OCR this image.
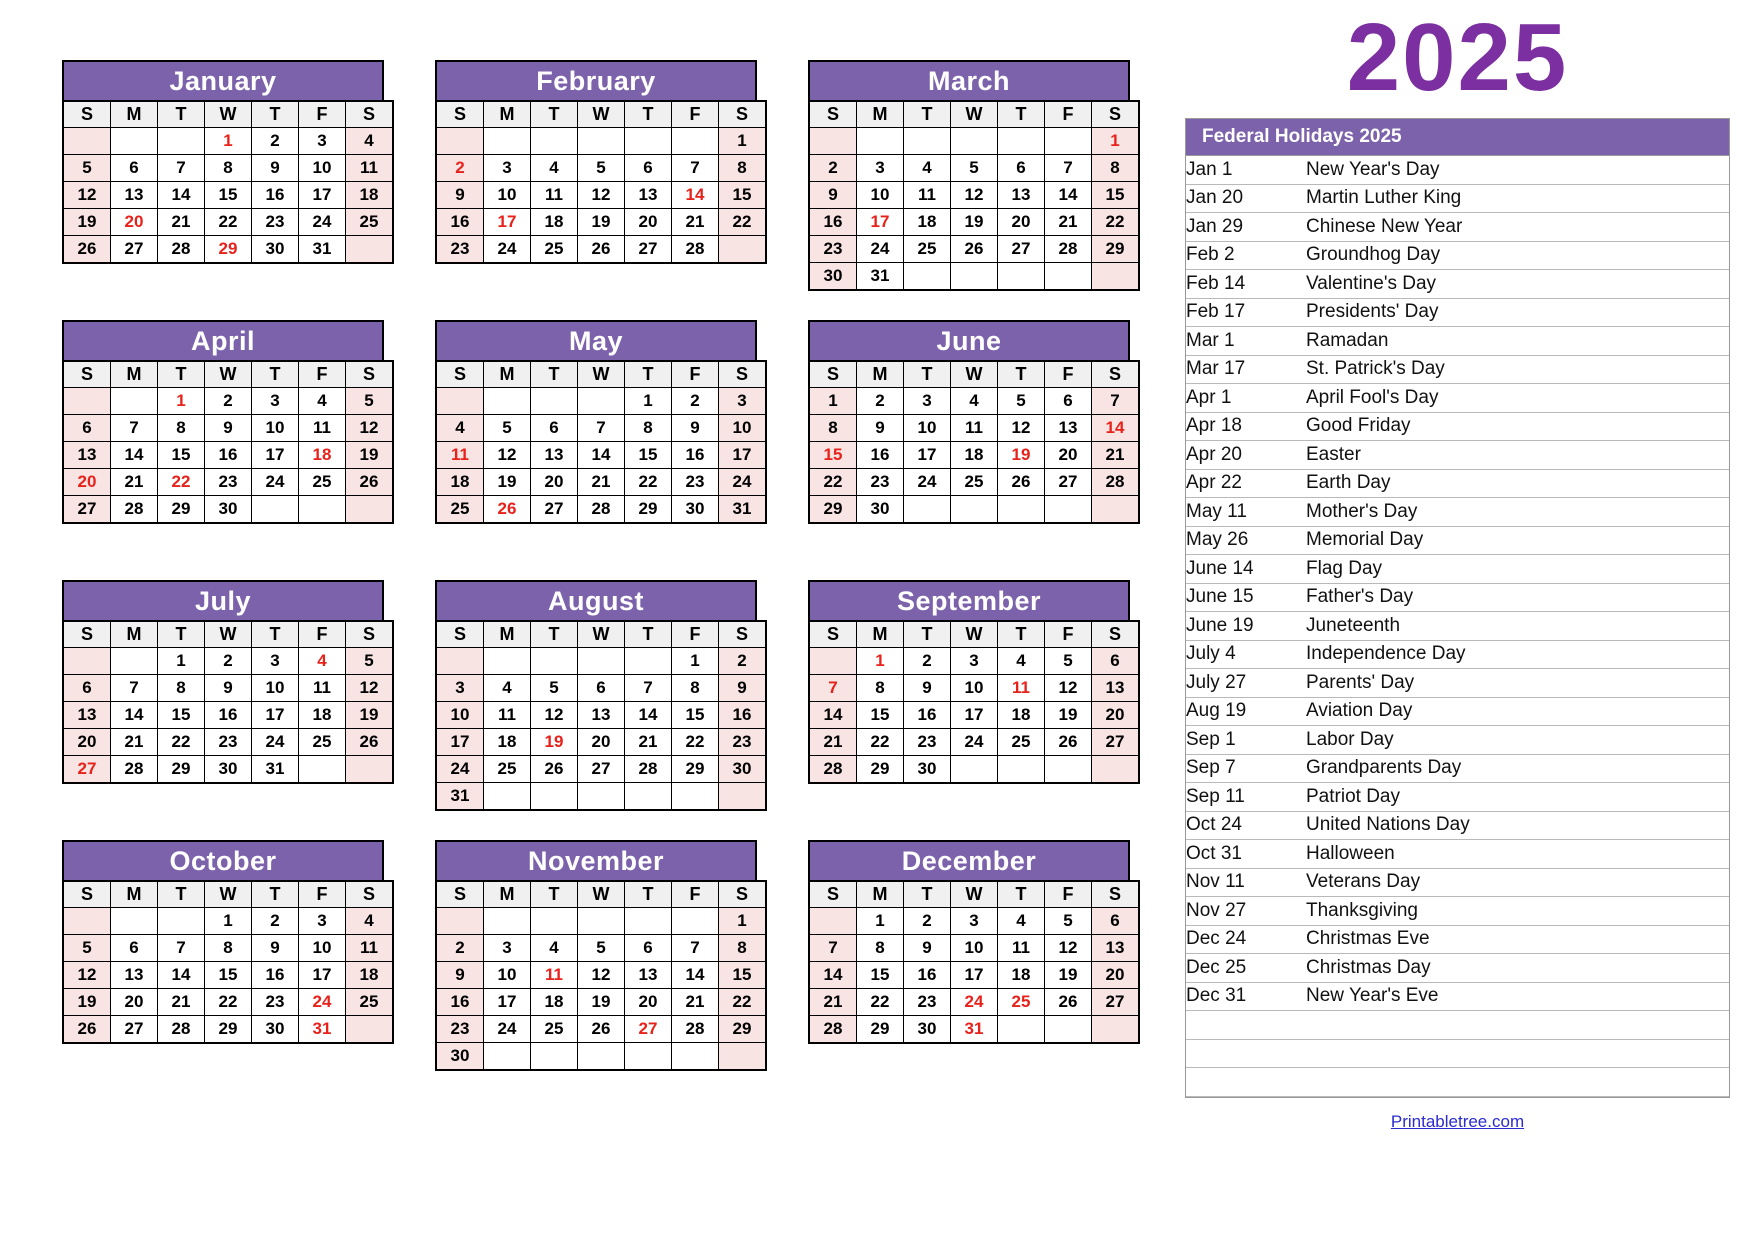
January
S	M	T	W	T	F	S
			1	2	3	4
5	6	7	8	9	10	11
12	13	14	15	16	17	18
19	20	21	22	23	24	25
26	27	28	29	30	31	
February
S	M	T	W	T	F	S
						1
2	3	4	5	6	7	8
9	10	11	12	13	14	15
16	17	18	19	20	21	22
23	24	25	26	27	28	
March
S	M	T	W	T	F	S
						1
2	3	4	5	6	7	8
9	10	11	12	13	14	15
16	17	18	19	20	21	22
23	24	25	26	27	28	29
30	31					
April
S	M	T	W	T	F	S
		1	2	3	4	5
6	7	8	9	10	11	12
13	14	15	16	17	18	19
20	21	22	23	24	25	26
27	28	29	30			
May
S	M	T	W	T	F	S
				1	2	3
4	5	6	7	8	9	10
11	12	13	14	15	16	17
18	19	20	21	22	23	24
25	26	27	28	29	30	31
June
S	M	T	W	T	F	S
1	2	3	4	5	6	7
8	9	10	11	12	13	14
15	16	17	18	19	20	21
22	23	24	25	26	27	28
29	30					
July
S	M	T	W	T	F	S
		1	2	3	4	5
6	7	8	9	10	11	12
13	14	15	16	17	18	19
20	21	22	23	24	25	26
27	28	29	30	31		
August
S	M	T	W	T	F	S
					1	2
3	4	5	6	7	8	9
10	11	12	13	14	15	16
17	18	19	20	21	22	23
24	25	26	27	28	29	30
31						
September
S	M	T	W	T	F	S
	1	2	3	4	5	6
7	8	9	10	11	12	13
14	15	16	17	18	19	20
21	22	23	24	25	26	27
28	29	30				
October
S	M	T	W	T	F	S
			1	2	3	4
5	6	7	8	9	10	11
12	13	14	15	16	17	18
19	20	21	22	23	24	25
26	27	28	29	30	31	
November
S	M	T	W	T	F	S
						1
2	3	4	5	6	7	8
9	10	11	12	13	14	15
16	17	18	19	20	21	22
23	24	25	26	27	28	29
30						
December
S	M	T	W	T	F	S
	1	2	3	4	5	6
7	8	9	10	11	12	13
14	15	16	17	18	19	20
21	22	23	24	25	26	27
28	29	30	31			
2025
Federal Holidays 2025
Jan 1	New Year's Day
Jan 20	Martin Luther King
Jan 29	Chinese New Year
Feb 2	Groundhog Day
Feb 14	Valentine's Day
Feb 17	Presidents' Day
Mar 1	Ramadan
Mar 17	St. Patrick's Day
Apr 1	April Fool's Day
Apr 18	Good Friday
Apr 20	Easter
Apr 22	Earth Day
May 11	Mother's Day
May 26	Memorial Day
June 14	Flag Day
June 15	Father's Day
June 19	Juneteenth
July 4	Independence Day
July 27	Parents' Day
Aug 19	Aviation Day
Sep 1	Labor Day
Sep 7	Grandparents Day
Sep 11	Patriot Day
Oct 24	United Nations Day
Oct 31	Halloween
Nov 11	Veterans Day
Nov 27	Thanksgiving
Dec 24	Christmas Eve
Dec 25	Christmas Day
Dec 31	New Year's Eve

Printabletree.com
